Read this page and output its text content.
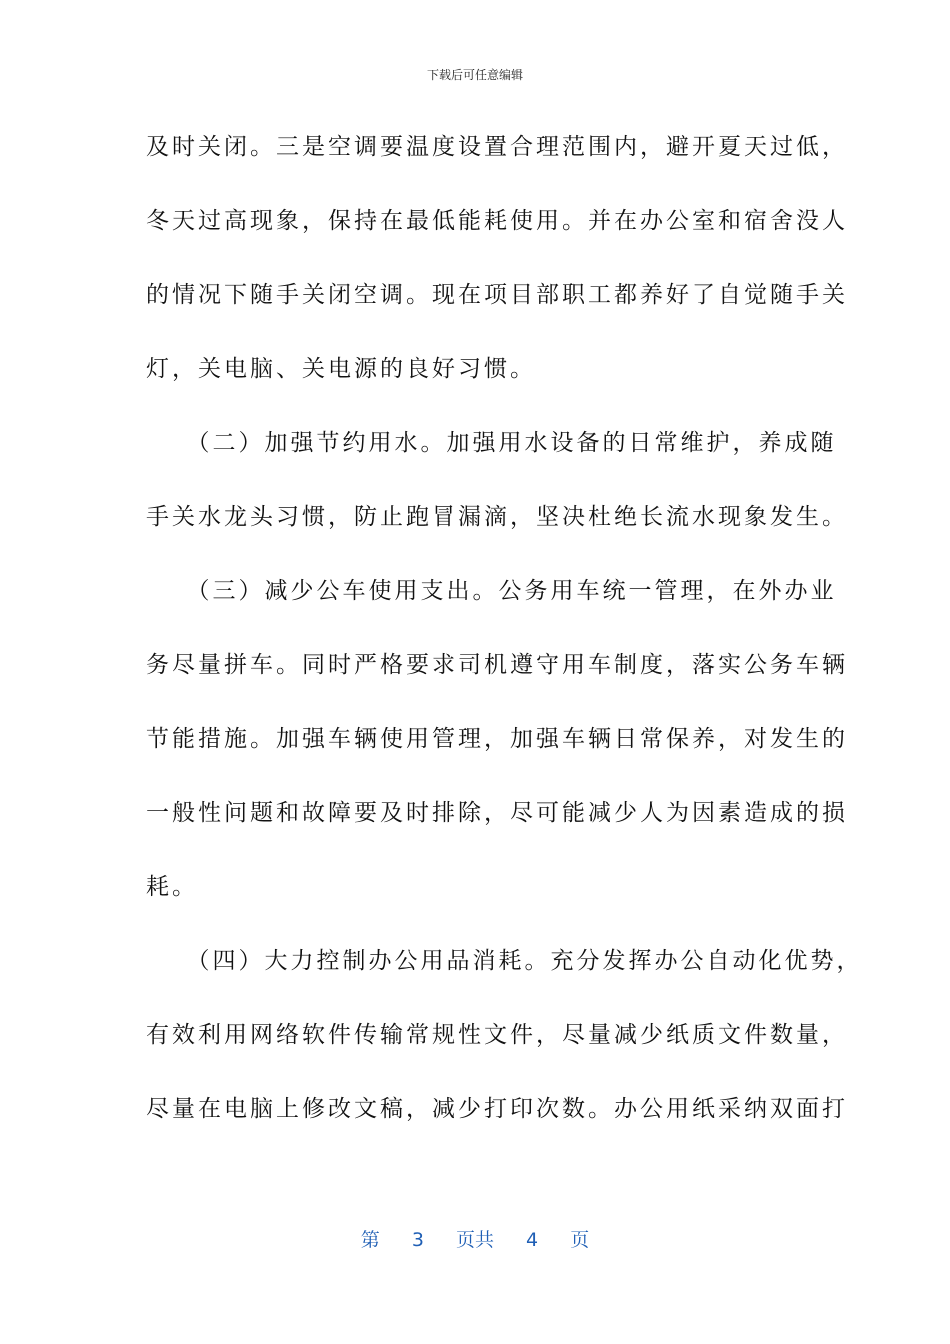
下载后可任意编辑
及时关闭。三是空调要温度设置合理范围内，避开夏天过低，
冬天过高现象，保持在最低能耗使用。并在办公室和宿舍没人
的情况下随手关闭空调。现在项目部职工都养好了自觉随手关
灯，关电脑、关电源的良好习惯。
　　（二）加强节约用水。加强用水设备的日常维护，养成随
手关水龙头习惯，防止跑冒漏滴，坚决杜绝长流水现象发生。
　　（三）减少公车使用支出。公务用车统一管理，在外办业
务尽量拼车。同时严格要求司机遵守用车制度，落实公务车辆
节能措施。加强车辆使用管理，加强车辆日常保养，对发生的
一般性问题和故障要及时排除，尽可能减少人为因素造成的损
耗。
　　（四）大力控制办公用品消耗。充分发挥办公自动化优势，
有效利用网络软件传输常规性文件，尽量减少纸质文件数量，
尽量在电脑上修改文稿，减少打印次数。办公用纸采纳双面打
第 3 页共 4 页
